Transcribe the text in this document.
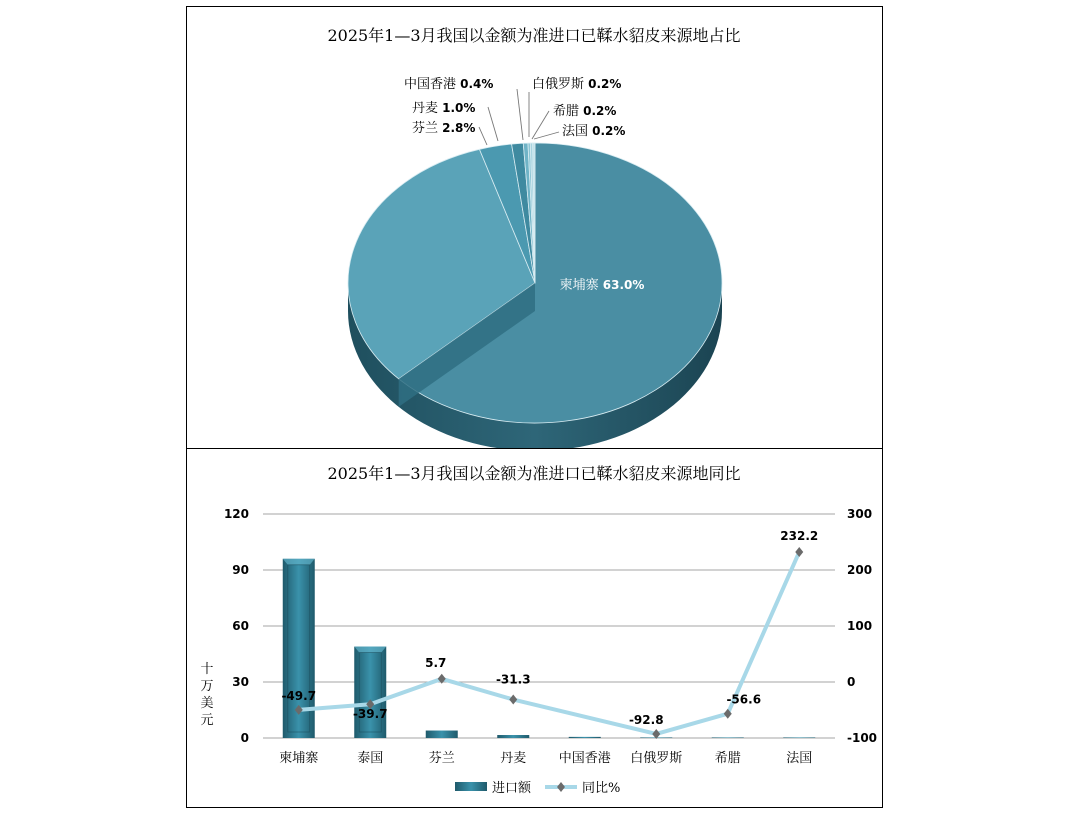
2025年1—3月我国以金额为准进口已鞣水貂皮来源地占比
柬埔寨 63.0%
泰国 32.2%
芬兰 2.8%
丹麦 1.0%
中国香港 0.4%	白俄罗斯 0.2%
希腊 0.2%
法国 0.2%
2025年1—3月我国以金额为准进口已鞣水貂皮来源地同比
0
30
60
90
120
-100
0
100
200
300
十
万
美
元
-49.7
-39.7
5.7
-31.3
-92.8
-56.6
232.2
柬埔寨	泰国	芬兰	丹麦 中国香港 白俄罗斯 希腊	法国
进口额	同比%
